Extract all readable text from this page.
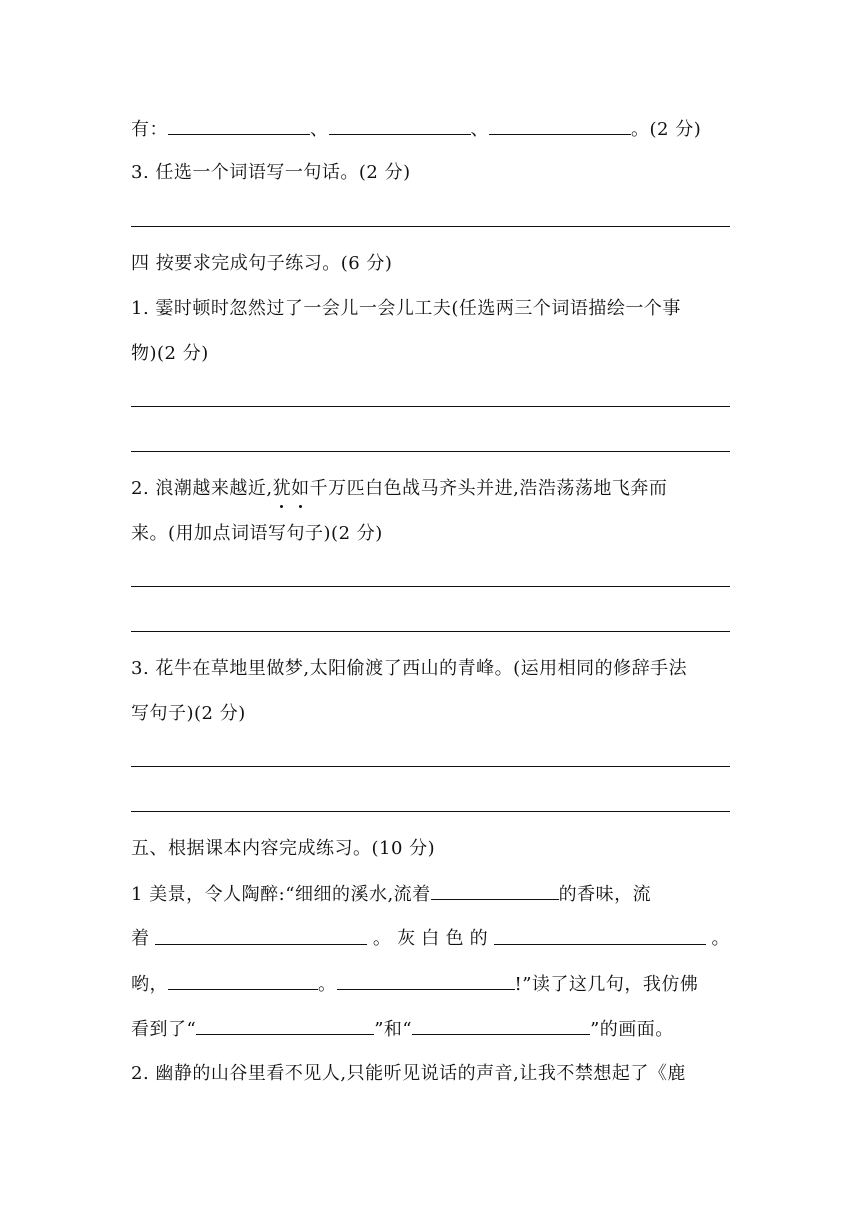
有：	、	、	。(2 分)
3. 任选一个词语写一句话。(2 分)
四 按要求完成句子练习。(6 分)
1. 霎时顿时忽然过了一会儿一会儿工夫(任选两三个词语描绘一个事
物)(2 分)
2. 浪潮越来越近,犹如千万匹白色战马齐头并进,浩浩荡荡地飞奔而
来。(用加点词语写句子)(2 分)
3. 花牛在草地里做梦,太阳偷渡了西山的青峰。(运用相同的修辞手法
写句子)(2 分)
五、根据课本内容完成练习。(10 分)
1 美景，令人陶醉:“细细的溪水,流着	的香味，流
着	。 灰 白 色 的	。
哟，	。	!”读了这几句，我仿佛
看到了“	”和“	”的画面。
2. 幽静的山谷里看不见人,只能听见说话的声音,让我不禁想起了《鹿
